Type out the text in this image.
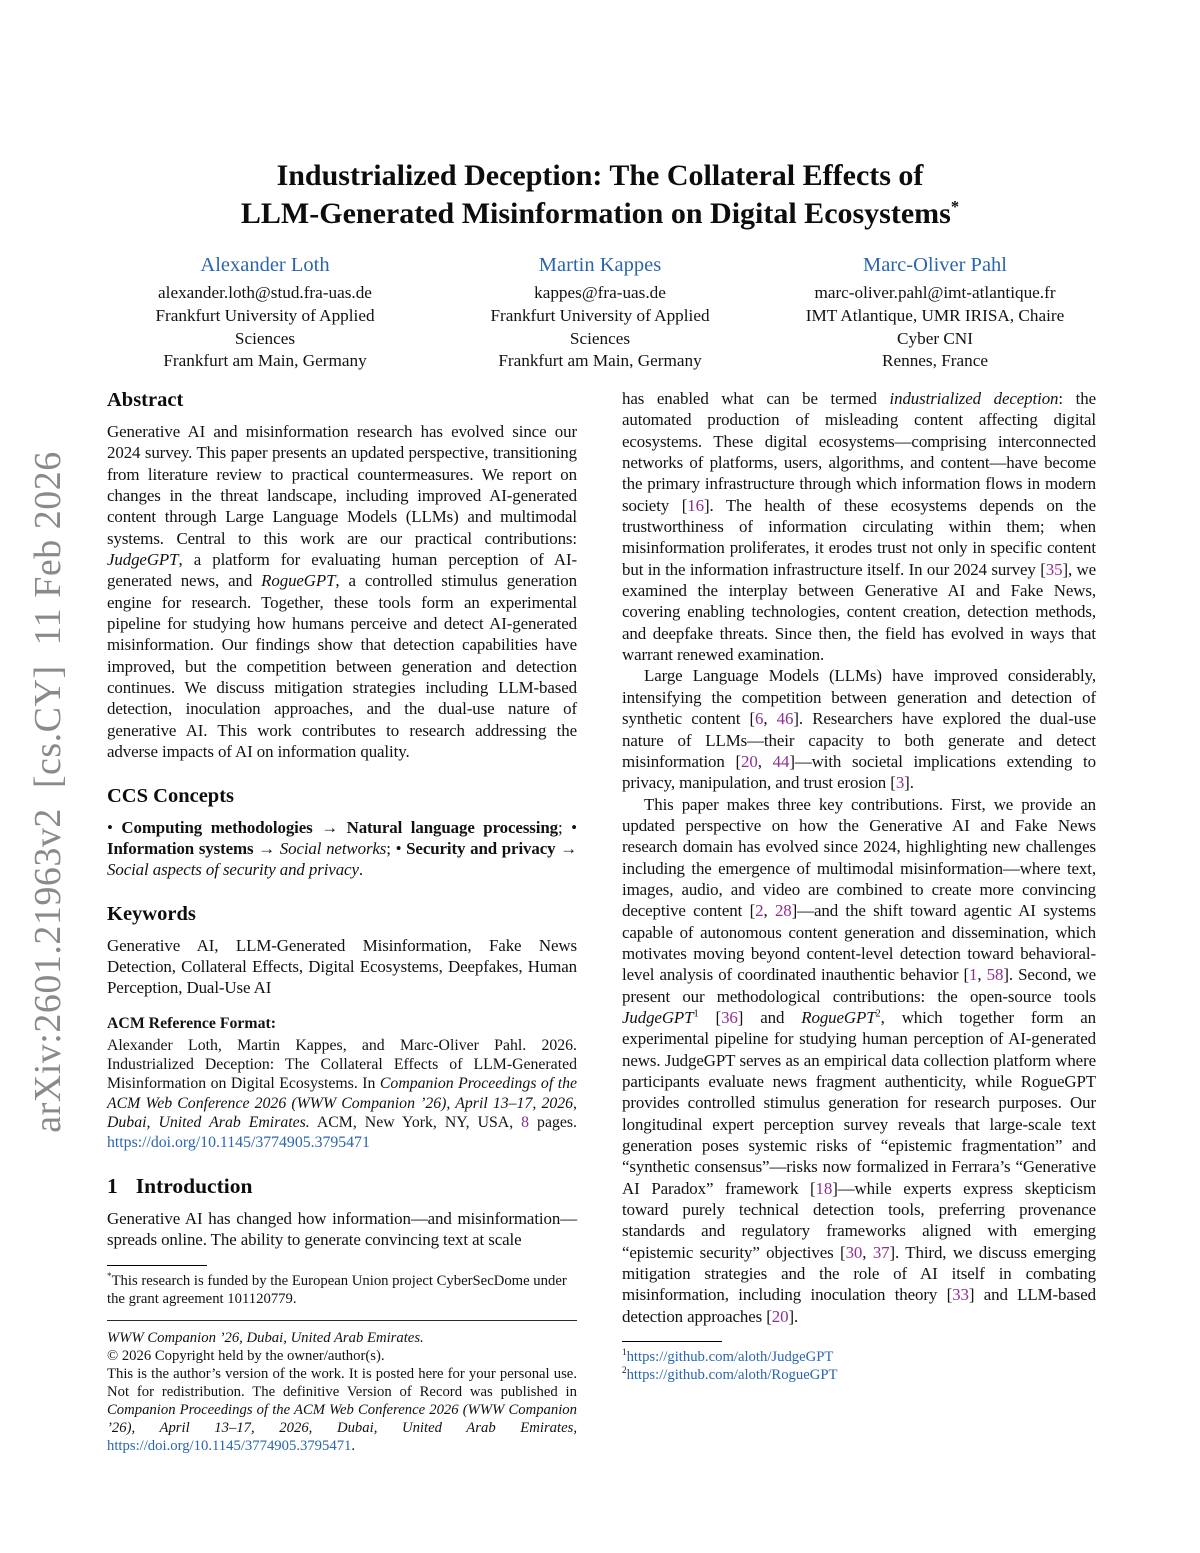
arXiv:2601.21963v2  [cs.CY]  11 Feb 2026
Industrialized Deception: The Collateral Effects of
LLM-Generated Misinformation on Digital Ecosystems*
Alexander Loth
alexander.loth@stud.fra-uas.de
Frankfurt University of Applied
Sciences
Frankfurt am Main, Germany
Martin Kappes
kappes@fra-uas.de
Frankfurt University of Applied
Sciences
Frankfurt am Main, Germany
Marc-Oliver Pahl
marc-oliver.pahl@imt-atlantique.fr
IMT Atlantique, UMR IRISA, Chaire
Cyber CNI
Rennes, France
Abstract

Generative AI and misinformation research has evolved since our 2024 survey. This paper presents an updated perspective, transitioning from literature review to practical countermeasures. We report on changes in the threat landscape, including improved AI-generated content through Large Language Models (LLMs) and multimodal systems. Central to this work are our practical contributions: JudgeGPT, a platform for evaluating human perception of AI-generated news, and RogueGPT, a controlled stimulus generation engine for research. Together, these tools form an experimental pipeline for studying how humans perceive and detect AI-generated misinformation. Our findings show that detection capabilities have improved, but the competition between generation and detection continues. We discuss mitigation strategies including LLM-based detection, inoculation approaches, and the dual-use nature of generative AI. This work contributes to research addressing the adverse impacts of AI on information quality.

CCS Concepts

• Computing methodologies → Natural language processing; • Information systems → Social networks; • Security and privacy → Social aspects of security and privacy.

Keywords

Generative AI, LLM-Generated Misinformation, Fake News Detection, Collateral Effects, Digital Ecosystems, Deepfakes, Human Perception, Dual-Use AI

ACM Reference Format:

Alexander Loth, Martin Kappes, and Marc-Oliver Pahl. 2026. Industrialized Deception: The Collateral Effects of LLM-Generated Misinformation on Digital Ecosystems. In Companion Proceedings of the ACM Web Conference 2026 (WWW Companion ’26), April 13–17, 2026, Dubai, United Arab Emirates. ACM, New York, NY, USA, 8 pages. https://doi.org/10.1145/3774905.3795471

1 Introduction

Generative AI has changed how information—and misinformation—spreads online. The ability to generate convincing text at scale

*This research is funded by the European Union project CyberSecDome under the grant agreement 101120779.

WWW Companion ’26, Dubai, United Arab Emirates.

© 2026 Copyright held by the owner/author(s).

This is the author’s version of the work. It is posted here for your personal use. Not for redistribution. The definitive Version of Record was published in Companion Proceedings of the ACM Web Conference 2026 (WWW Companion ’26), April 13–17, 2026, Dubai, United Arab Emirates, https://doi.org/10.1145/3774905.3795471.

has enabled what can be termed industrialized deception: the automated production of misleading content affecting digital ecosystems. These digital ecosystems—comprising interconnected networks of platforms, users, algorithms, and content—have become the primary infrastructure through which information flows in modern society [16]. The health of these ecosystems depends on the trustworthiness of information circulating within them; when misinformation proliferates, it erodes trust not only in specific content but in the information infrastructure itself. In our 2024 survey [35], we examined the interplay between Generative AI and Fake News, covering enabling technologies, content creation, detection methods, and deepfake threats. Since then, the field has evolved in ways that warrant renewed examination.

Large Language Models (LLMs) have improved considerably, intensifying the competition between generation and detection of synthetic content [6, 46]. Researchers have explored the dual-use nature of LLMs—their capacity to both generate and detect misinformation [20, 44]—with societal implications extending to privacy, manipulation, and trust erosion [3].

This paper makes three key contributions. First, we provide an updated perspective on how the Generative AI and Fake News research domain has evolved since 2024, highlighting new challenges including the emergence of multimodal misinformation—where text, images, audio, and video are combined to create more convincing deceptive content [2, 28]—and the shift toward agentic AI systems capable of autonomous content generation and dissemination, which motivates moving beyond content-level detection toward behavioral-level analysis of coordinated inauthentic behavior [1, 58]. Second, we present our methodological contributions: the open-source tools JudgeGPT$^1$ [36] and RogueGPT$^2$, which together form an experimental pipeline for studying human perception of AI-generated news. JudgeGPT serves as an empirical data collection platform where participants evaluate news fragment authenticity, while RogueGPT provides controlled stimulus generation for research purposes. Our longitudinal expert perception survey reveals that large-scale text generation poses systemic risks of “epistemic fragmentation” and “synthetic consensus”—risks now formalized in Ferrara’s “Generative AI Paradox” framework [18]—while experts express skepticism toward purely technical detection tools, preferring provenance standards and regulatory frameworks aligned with emerging “epistemic security” objectives [30, 37]. Third, we discuss emerging mitigation strategies and the role of AI itself in combating misinformation, including inoculation theory [33] and LLM-based detection approaches [20].

$^1$https://github.com/aloth/JudgeGPT
$^2$https://github.com/aloth/RogueGPT
